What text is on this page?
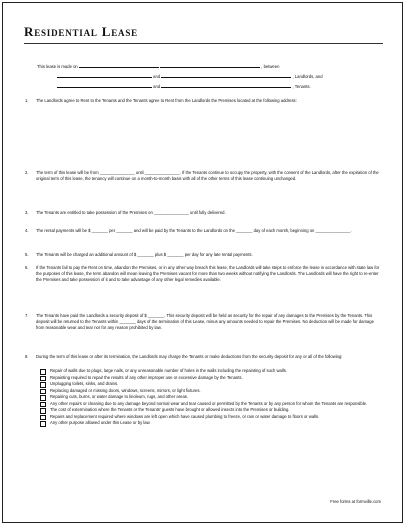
Residential Lease
This lease is made on	, between
and	, Landlords, and
and	, Tenants.
1. The Landlords agree to Rent to the Tenants and the Tenants agree to Rent from the Landlords the Premises located at the following address:
2. The term of this lease will be from _______________ until _______________. If the Tenants continue to occupy the property, with the consent of the Landlords, after the expiration of the original term of this lease, the tenancy will continue on a month-to-month basis with all of the other terms of this lease continuing unchanged.
3. The Tenants are entitled to take possession of the Premises on _______________ until fully delivered.
4. The rental payments will be $ _______ per _______ and will be paid by the Tenants to the Landlords on the _______ day of each month, beginning on _______________.
5. The Tenants will be charged an additional amount of $ _______ plus $ _______ per day for any late rental payments.
6. If the Tenants fail to pay the Rent on time, abandon the Premises, or in any other way breach this lease, the Landlords will take steps to enforce the lease in accordance with state law for the purposes of this lease, the term abandon will mean leaving the Premises vacant for more than two weeks without notifying the Landlords. The Landlords will have the right to re-enter the Premises and take possession of it and to take advantage of any other legal remedies available.
7. The Tenants have paid the Landlords a security deposit of $ _______. This security deposit will be held as security for the repair of any damages to the Premises by the Tenants. This deposit will be returned to the Tenants within _______ days of the termination of this Lease, minus any amounts needed to repair the Premises. No deduction will be made for damage from reasonable wear and tear nor for any reason prohibited by law.
8. During the term of this lease or after its termination, the Landlords may charge the Tenants or make deductions from the security deposit for any or all of the following:
Repair of walls due to plugs, large nails, or any unreasonable number of holes in the walls including the repainting of such walls.
Repainting required to repair the results of any other improper use or excessive damage by the Tenants.
Unplugging toilets, sinks, and drains.
Replacing damaged or missing doors, windows, screens, mirrors, or light fixtures.
Repairing cuts, burns, or water damage to linoleum, rugs, and other areas.
Any other repairs or cleaning due to any damage beyond normal wear and tear caused or permitted by the Tenants or by any person for whom the Tenants are responsible.
The cost of extermination where the Tenants or the Tenants' guests have brought or allowed insects into the Premises or building.
Repairs and replacement required where windows are left open which have caused plumbing to freeze, or rain or water damage to floors or walls.
Any other purpose allowed under this Lease or by law.
Free forms at formville.com
